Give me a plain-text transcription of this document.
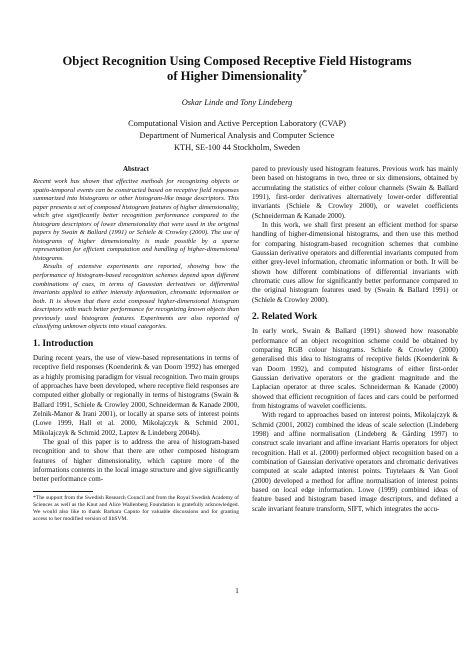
Object Recognition Using Composed Receptive Field Histograms
of Higher Dimensionality*
Oskar Linde and Tony Lindeberg
Computational Vision and Active Perception Laboratory (CVAP)
Department of Numerical Analysis and Computer Science
KTH, SE-100 44 Stockholm, Sweden
Abstract

Recent work has shown that effective methods for recognizing objects or spatio-temporal events can be constructed based on receptive field responses summarized into histograms or other histogram-like image descriptors. This paper presents a set of composed histogram features of higher dimensionality, which give significantly better recognition performance compared to the histogram descriptors of lower dimensionality that were used in the original papers by Swain & Ballard (1991) or Schiele & Crowley (2000). The use of histograms of higher dimensionality is made possible by a sparse representation for efficient computation and handling of higher-dimensional histograms.

Results of extensive experiments are reported, showing how the performance of histogram-based recognition schemes depend upon different combinations of cues, in terms of Gaussian derivatives or differential invariants applied to either intensity information, chromatic information or both. It is shown that there exist composed higher-dimensional histogram descriptors with much better performance for recognizing known objects than previously used histogram features. Experiments are also reported of classifying unknown objects into visual categories.

1. Introduction

During recent years, the use of view-based representations in terms of receptive field responses (Koenderink & van Doorn 1992) has emerged as a highly promising paradigm for visual recognition. Two main groups of approaches have been developed, where receptive field responses are computed either globally or regionally in terms of histograms (Swain & Ballard 1991, Schiele & Crowley 2000, Schneiderman & Kanade 2000, Zelnik-Manor & Irani 2001), or locally at sparse sets of interest points (Lowe 1999, Hall et al. 2000, Mikolajczyk & Schmid 2001, Mikolajczyk & Schmid 2002, Laptev & Lindeberg 2004b).

The goal of this paper is to address the area of histogram-based recognition and to show that there are other composed histogram features of higher dimensionality, which capture more of the informations contents in the local image structure and give significantly better performance com-

*The support from the Swedish Research Council and from the Royal Swedish Academy of Sciences as well as the Knut and Alice Wallenberg Foundation is gratefully acknowledged. We would also like to thank Barbara Caputo for valuable discussions and for granting access to her modified version of libSVM.

pared to previously used histogram features. Previous work has mainly been based on histograms in two, three or six dimensions, obtained by accumulating the statistics of either colour channels (Swain & Ballard 1991), first-order derivatives alternatively lower-order differential invariants (Schiele & Crowley 2000), or wavelet coefficients (Schneiderman & Kanade 2000).

In this work, we shall first present an efficient method for sparse handling of higher-dimensional histograms, and then use this method for comparing histogram-based recognition schemes that combine Gaussian derivative operators and differential invariants computed from either grey-level information, chromatic information or both. It will be shown how different combinations of differential invariants with chromatic cues allow for significantly better performance compared to the original histogram features used by (Swain & Ballard 1991) or (Schiele & Crowley 2000).

2. Related Work

In early work, Swain & Ballard (1991) showed how reasonable performance of an object recognition scheme could be obtained by comparing RGB colour histograms. Schiele & Crowley (2000) generalised this idea to histograms of receptive fields (Koenderink & van Doorn 1992), and computed histograms of either first-order Gaussian derivative operators or the gradient magnitude and the Laplacian operator at three scales. Schneiderman & Kanade (2000) showed that efficient recognition of faces and cars could be performed from histograms of wavelet coefficients.

With regard to approaches based on interest points, Mikolajczyk & Schmid (2001, 2002) combined the ideas of scale selection (Lindeberg 1998) and affine normalisation (Lindeberg & Gårding 1997) to construct scale invariant and affine invariant Harris operators for object recognition. Hall et al. (2000) performed object recognition based on a combination of Gaussian derivative operators and chromatic derivatives computed at scale adapted interest points. Tuytelaars & Van Gool (2000) developed a method for affine normalisation of interest points based on local edge information. Lowe (1999) combined ideas of feature based and histogram based image descriptors, and defined a scale invariant feature transform, SIFT, which integrates the accu-

1
